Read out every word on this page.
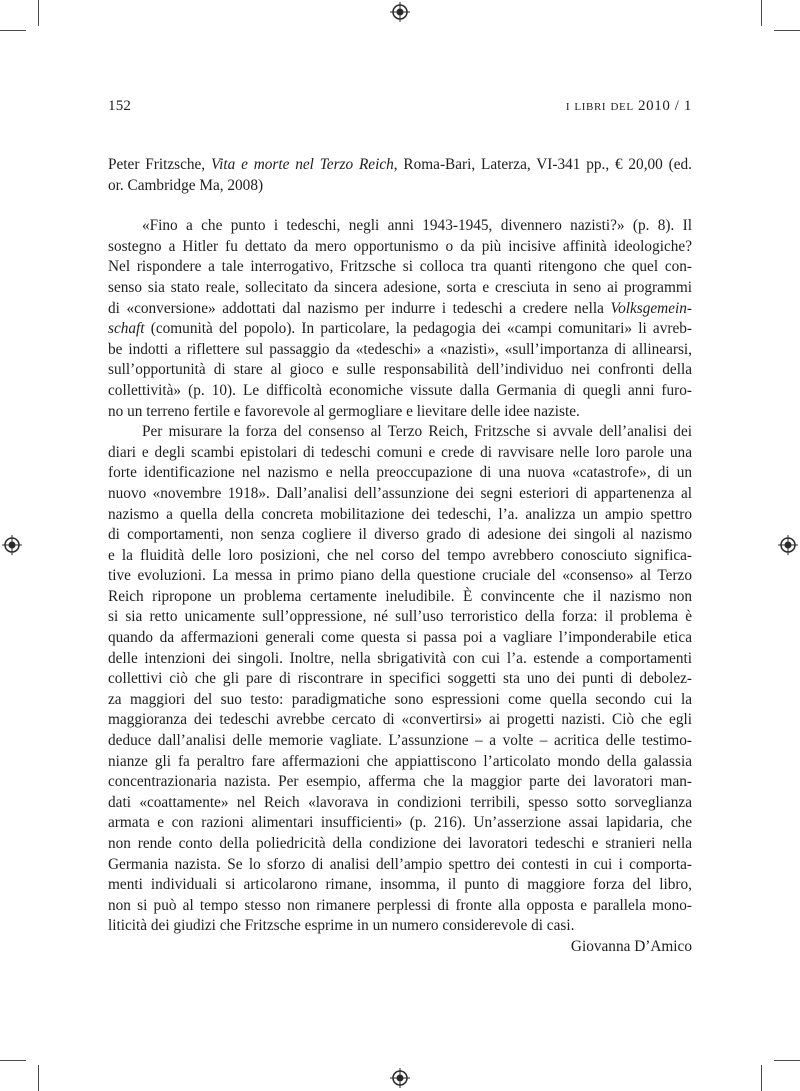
152	i libri del 2010 / 1

Peter Fritzsche, Vita e morte nel Terzo Reich, Roma-Bari, Laterza, VI-341 pp., € 20,00 (ed.
or. Cambridge Ma, 2008)

«Fino a che punto i tedeschi, negli anni 1943-1945, divennero nazisti?» (p. 8). Il
sostegno a Hitler fu dettato da mero opportunismo o da più incisive affinità ideologiche?
Nel rispondere a tale interrogativo, Fritzsche si colloca tra quanti ritengono che quel con-
senso sia stato reale, sollecitato da sincera adesione, sorta e cresciuta in seno ai programmi
di «conversione» addottati dal nazismo per indurre i tedeschi a credere nella Volksgemein-
schaft (comunità del popolo). In particolare, la pedagogia dei «campi comunitari» li avreb-
be indotti a riflettere sul passaggio da «tedeschi» a «nazisti», «sull’importanza di allinearsi,
sull’opportunità di stare al gioco e sulle responsabilità dell’individuo nei confronti della
collettività» (p. 10). Le difficoltà economiche vissute dalla Germania di quegli anni furo-
no un terreno fertile e favorevole al germogliare e lievitare delle idee naziste.

Per misurare la forza del consenso al Terzo Reich, Fritzsche si avvale dell’analisi dei
diari e degli scambi epistolari di tedeschi comuni e crede di ravvisare nelle loro parole una
forte identificazione nel nazismo e nella preoccupazione di una nuova «catastrofe», di un
nuovo «novembre 1918». Dall’analisi dell’assunzione dei segni esteriori di appartenenza al
nazismo a quella della concreta mobilitazione dei tedeschi, l’a. analizza un ampio spettro
di comportamenti, non senza cogliere il diverso grado di adesione dei singoli al nazismo
e la fluidità delle loro posizioni, che nel corso del tempo avrebbero conosciuto significa-
tive evoluzioni. La messa in primo piano della questione cruciale del «consenso» al Terzo
Reich ripropone un problema certamente ineludibile. È convincente che il nazismo non
si sia retto unicamente sull’oppressione, né sull’uso terroristico della forza: il problema è
quando da affermazioni generali come questa si passa poi a vagliare l’imponderabile etica
delle intenzioni dei singoli. Inoltre, nella sbrigatività con cui l’a. estende a comportamenti
collettivi ciò che gli pare di riscontrare in specifici soggetti sta uno dei punti di debolez-
za maggiori del suo testo: paradigmatiche sono espressioni come quella secondo cui la
maggioranza dei tedeschi avrebbe cercato di «convertirsi» ai progetti nazisti. Ciò che egli
deduce dall’analisi delle memorie vagliate. L’assunzione – a volte – acritica delle testimo-
nianze gli fa peraltro fare affermazioni che appiattiscono l’articolato mondo della galassia
concentrazionaria nazista. Per esempio, afferma che la maggior parte dei lavoratori man-
dati «coattamente» nel Reich «lavorava in condizioni terribili, spesso sotto sorveglianza
armata e con razioni alimentari insufficienti» (p. 216). Un’asserzione assai lapidaria, che
non rende conto della poliedricità della condizione dei lavoratori tedeschi e stranieri nella
Germania nazista. Se lo sforzo di analisi dell’ampio spettro dei contesti in cui i comporta-
menti individuali si articolarono rimane, insomma, il punto di maggiore forza del libro,
non si può al tempo stesso non rimanere perplessi di fronte alla opposta e parallela mono-
liticità dei giudizi che Fritzsche esprime in un numero considerevole di casi.

Giovanna D’Amico
